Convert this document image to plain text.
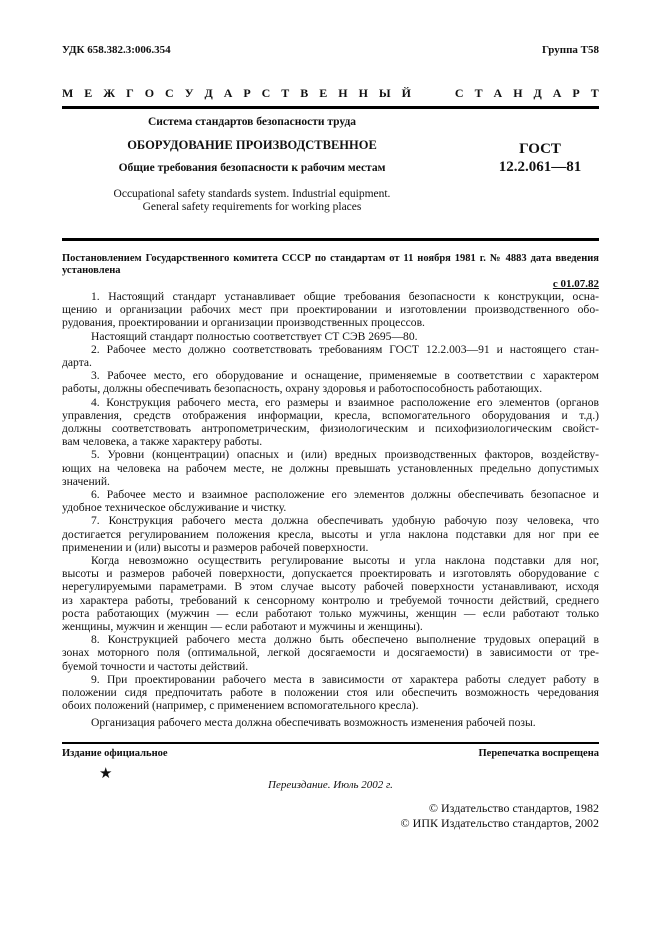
УДК 658.382.3:006.354	Группа Т58
М Е Ж Г О С У Д А Р С Т В Е Н Н Ы Й	С Т А Н Д А Р Т
Система стандартов безопасности труда
ОБОРУДОВАНИЕ ПРОИЗВОДСТВЕННОЕ
Общие требования безопасности к рабочим местам
Occupational safety standards system. Industrial equipment.
General safety requirements for working places
ГОСТ
12.2.061—81
Постановлением Государственного комитета СССР по стандартам от 11 ноября 1981 г. № 4883 дата введения
установлена
с 01.07.82
1. Настоящий стандарт устанавливает общие требования безопасности к конструкции, осна-
щению и организации рабочих мест при проектировании и изготовлении производственного обо-
рудования, проектировании и организации производственных процессов.
Настоящий стандарт полностью соответствует СТ СЭВ 2695—80.
2. Рабочее место должно соответствовать требованиям ГОСТ 12.2.003—91 и настоящего стан-
дарта.
3. Рабочее место, его оборудование и оснащение, применяемые в соответствии с характером
работы, должны обеспечивать безопасность, охрану здоровья и работоспособность работающих.
4. Конструкция рабочего места, его размеры и взаимное расположение его элементов (органов
управления, средств отображения информации, кресла, вспомогательного оборудования и т.д.)
должны соответствовать антропометрическим, физиологическим и психофизиологическим свойст-
вам человека, а также характеру работы.
5. Уровни (концентрации) опасных и (или) вредных производственных факторов, воздейству-
ющих на человека на рабочем месте, не должны превышать установленных предельно допустимых
значений.
6. Рабочее место и взаимное расположение его элементов должны обеспечивать безопасное и
удобное техническое обслуживание и чистку.
7. Конструкция рабочего места должна обеспечивать удобную рабочую позу человека, что
достигается регулированием положения кресла, высоты и угла наклона подставки для ног при ее
применении и (или) высоты и размеров рабочей поверхности.
Когда невозможно осуществить регулирование высоты и угла наклона подставки для ног,
высоты и размеров рабочей поверхности, допускается проектировать и изготовлять оборудование с
нерегулируемыми параметрами. В этом случае высоту рабочей поверхности устанавливают, исходя
из характера работы, требований к сенсорному контролю и требуемой точности действий, среднего
роста работающих (мужчин — если работают только мужчины, женщин — если работают только
женщины, мужчин и женщин — если работают и мужчины и женщины).
8. Конструкцией рабочего места должно быть обеспечено выполнение трудовых операций в
зонах моторного поля (оптимальной, легкой досягаемости и досягаемости) в зависимости от тре-
буемой точности и частоты действий.
9. При проектировании рабочего места в зависимости от характера работы следует работу в
положении сидя предпочитать работе в положении стоя или обеспечить возможность чередования
обоих положений (например, с применением вспомогательного кресла).
Организация рабочего места должна обеспечивать возможность изменения рабочей позы.
Издание официальное	Перепечатка воспрещена
★
Переиздание. Июль 2002 г.
© Издательство стандартов, 1982
© ИПК Издательство стандартов, 2002
